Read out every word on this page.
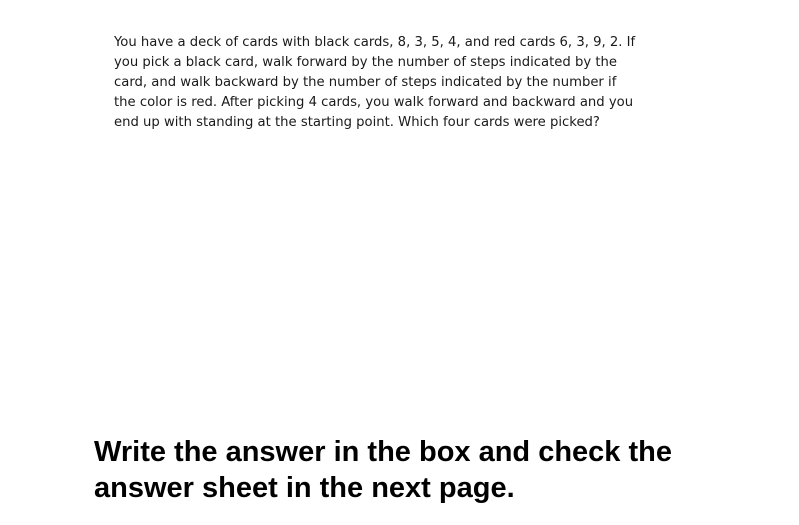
You have a deck of cards with black cards, 8, 3, 5, 4, and red cards 6, 3, 9, 2. If you pick a black card, walk forward by the number of steps indicated by the card, and walk backward by the number of steps indicated by the number if the color is red. After picking 4 cards, you walk forward and backward and you end up with standing at the starting point. Which four cards were picked?

Write the answer in the box and check the answer sheet in the next page.
